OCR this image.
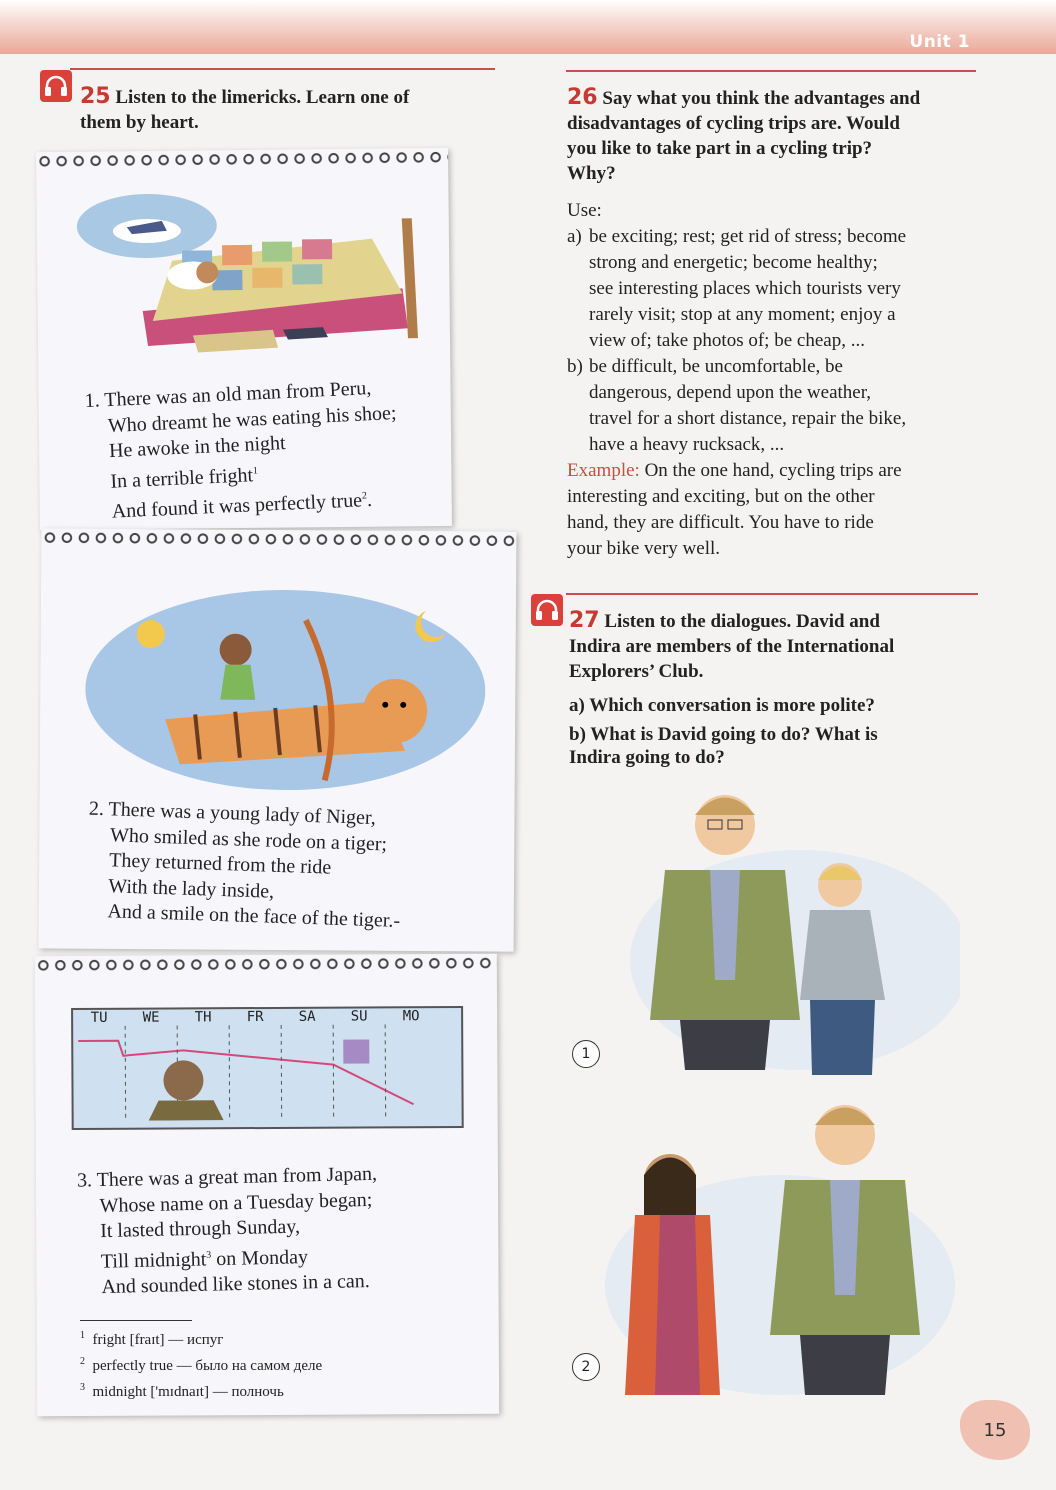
Unit 1
25 Listen to the limericks. Learn one of
them by heart.
1. There was an old man from Peru,
Who dreamt he was eating his shoe;
He awoke in the night
In a terrible fright$^1$
And found it was perfectly true$^2$.
2. There was a young lady of Niger,
Who smiled as she rode on a tiger;
They returned from the ride
With the lady inside,
And a smile on the face of the tiger.-
TU	WE	TH	FR	SA	SU	MO
3. There was a great man from Japan,
Whose name on a Tuesday began;
It lasted through Sunday,
Till midnight$^3$ on Monday
And sounded like stones in a can.
$^1$ fright [fraɪt] — испуг
$^2$ perfectly true — было на самом деле
$^3$ midnight ['mɪdnaɪt] — полночь
26 Say what you think the advantages and
disadvantages of cycling trips are. Would
you like to take part in a cycling trip?
Why?
Use:
a) be exciting; rest; get rid of stress; become
strong and energetic; become healthy;
see interesting places which tourists very
rarely visit; stop at any moment; enjoy a
view of; take photos of; be cheap, ...
b) be difficult, be uncomfortable, be
dangerous, depend upon the weather,
travel for a short distance, repair the bike,
have a heavy rucksack, ...
Example: On the one hand, cycling trips are
interesting and exciting, but on the other
hand, they are difficult. You have to ride
your bike very well.
27 Listen to the dialogues. David and
Indira are members of the International
Explorers’ Club.
a) Which conversation is more polite?
b) What is David going to do? What is
Indira going to do?
1
2
15
